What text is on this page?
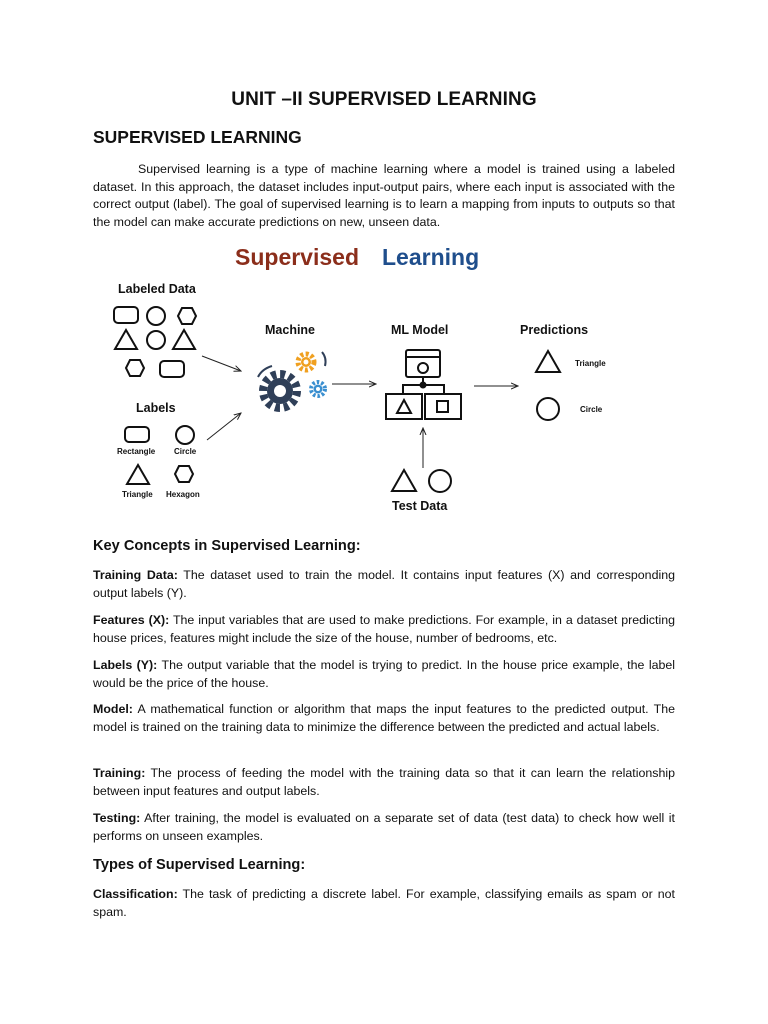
UNIT –II SUPERVISED LEARNING
SUPERVISED LEARNING

Supervised learning is a type of machine learning where a model is trained using a labeled dataset. In this approach, the dataset includes input-output pairs, where each input is associated with the correct output (label). The goal of supervised learning is to learn a mapping from inputs to outputs so that the model can make accurate predictions on new, unseen data.

Supervised Learning
Labeled Data
Labels
Rectangle Circle
Triangle Hexagon
Machine	ML Model	Predictions
Triangle
Circle
Test Data
Key Concepts in Supervised Learning:

Training Data: The dataset used to train the model. It contains input features (X) and corresponding output labels (Y).

Features (X): The input variables that are used to make predictions. For example, in a dataset predicting house prices, features might include the size of the house, number of bedrooms, etc.

Labels (Y): The output variable that the model is trying to predict. In the house price example, the label would be the price of the house.

Model: A mathematical function or algorithm that maps the input features to the predicted output. The model is trained on the training data to minimize the difference between the predicted and actual labels.

Training: The process of feeding the model with the training data so that it can learn the relationship between input features and output labels.

Testing: After training, the model is evaluated on a separate set of data (test data) to check how well it performs on unseen examples.

Types of Supervised Learning:

Classification: The task of predicting a discrete label. For example, classifying emails as spam or not spam.
